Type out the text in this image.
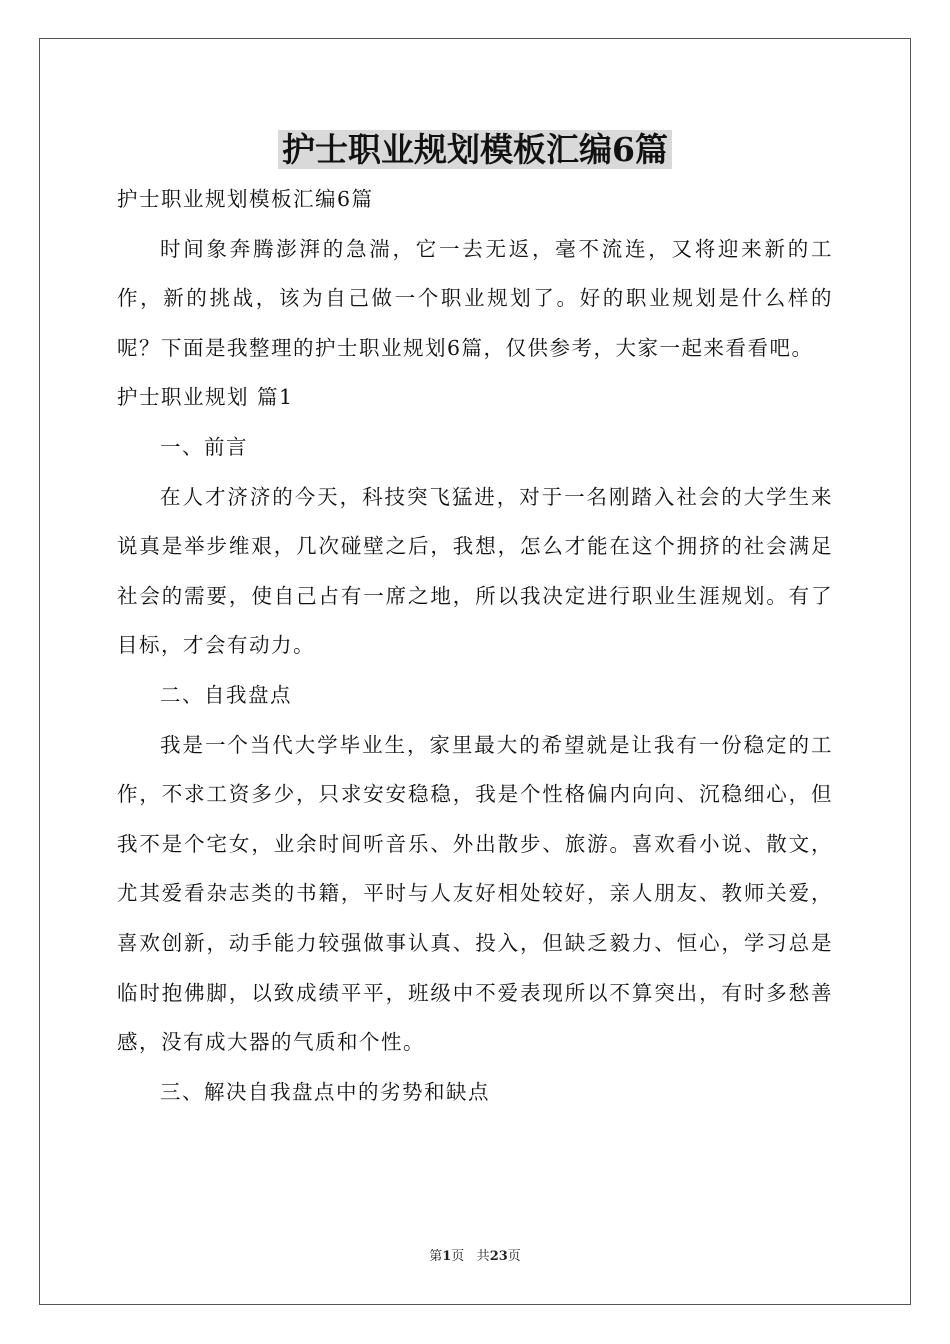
护士职业规划模板汇编6篇

护士职业规划模板汇编6篇

时间象奔腾澎湃的急湍，它一去无返，毫不流连，又将迎来新的工作，新的挑战，该为自己做一个职业规划了。好的职业规划是什么样的呢？下面是我整理的护士职业规划6篇，仅供参考，大家一起来看看吧。

护士职业规划 篇1

一、前言

在人才济济的今天，科技突飞猛进，对于一名刚踏入社会的大学生来说真是举步维艰，几次碰壁之后，我想，怎么才能在这个拥挤的社会满足社会的需要，使自己占有一席之地，所以我决定进行职业生涯规划。有了目标，才会有动力。

二、自我盘点

我是一个当代大学毕业生，家里最大的希望就是让我有一份稳定的工作，不求工资多少，只求安安稳稳，我是个性格偏内向向、沉稳细心，但我不是个宅女，业余时间听音乐、外出散步、旅游。喜欢看小说、散文，尤其爱看杂志类的书籍，平时与人友好相处较好，亲人朋友、教师关爱，喜欢创新，动手能力较强做事认真、投入，但缺乏毅力、恒心，学习总是临时抱佛脚，以致成绩平平，班级中不爱表现所以不算突出，有时多愁善感，没有成大器的气质和个性。

三、解决自我盘点中的劣势和缺点

第1页 共23页
